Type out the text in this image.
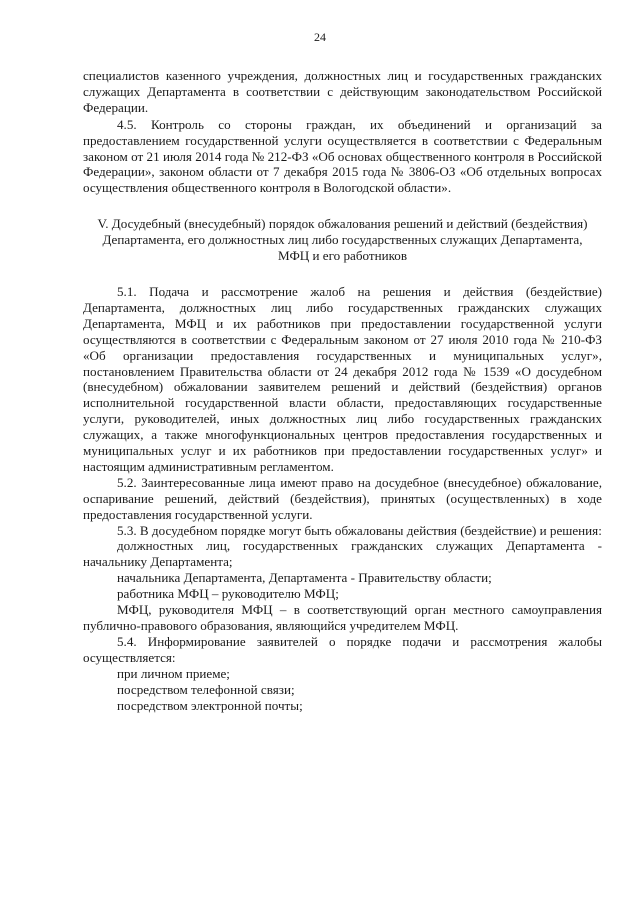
24

специалистов казенного учреждения, должностных лиц и государственных гражданских служащих Департамента в соответствии с действующим законодательством Российской Федерации.

4.5. Контроль со стороны граждан, их объединений и организаций за предоставлением государственной услуги осуществляется в соответствии с Федеральным законом от 21 июля 2014 года № 212-ФЗ «Об основах общественного контроля в Российской Федерации», законом области от 7 декабря 2015 года № 3806-ОЗ «Об отдельных вопросах осуществления общественного контроля в Вологодской области».

V. Досудебный (внесудебный) порядок обжалования решений и действий (бездействия) Департамента, его должностных лиц либо государственных служащих Департамента, МФЦ и его работников

5.1. Подача и рассмотрение жалоб на решения и действия (бездействие) Департамента, должностных лиц либо государственных гражданских служащих Департамента, МФЦ и их работников при предоставлении государственной услуги осуществляются в соответствии с Федеральным законом от 27 июля 2010 года № 210-ФЗ «Об организации предоставления государственных и муниципальных услуг», постановлением Правительства области от 24 декабря 2012 года № 1539 «О досудебном (внесудебном) обжаловании заявителем решений и действий (бездействия) органов исполнительной государственной власти области, предоставляющих государственные услуги, руководителей, иных должностных лиц либо государственных гражданских служащих, а также многофункциональных центров предоставления государственных и муниципальных услуг и их работников при предоставлении государственных услуг» и настоящим административным регламентом.

5.2. Заинтересованные лица имеют право на досудебное (внесудебное) обжалование, оспаривание решений, действий (бездействия), принятых (осуществленных) в ходе предоставления государственной услуги.

5.3. В досудебном порядке могут быть обжалованы действия (бездействие) и решения:

должностных лиц, государственных гражданских служащих Департамента - начальнику Департамента;

начальника Департамента, Департамента - Правительству области;

работника МФЦ – руководителю МФЦ;

МФЦ, руководителя МФЦ – в соответствующий орган местного самоуправления публично-правового образования, являющийся учредителем МФЦ.

5.4. Информирование заявителей о порядке подачи и рассмотрения жалобы осуществляется:

при личном приеме;

посредством телефонной связи;

посредством электронной почты;
